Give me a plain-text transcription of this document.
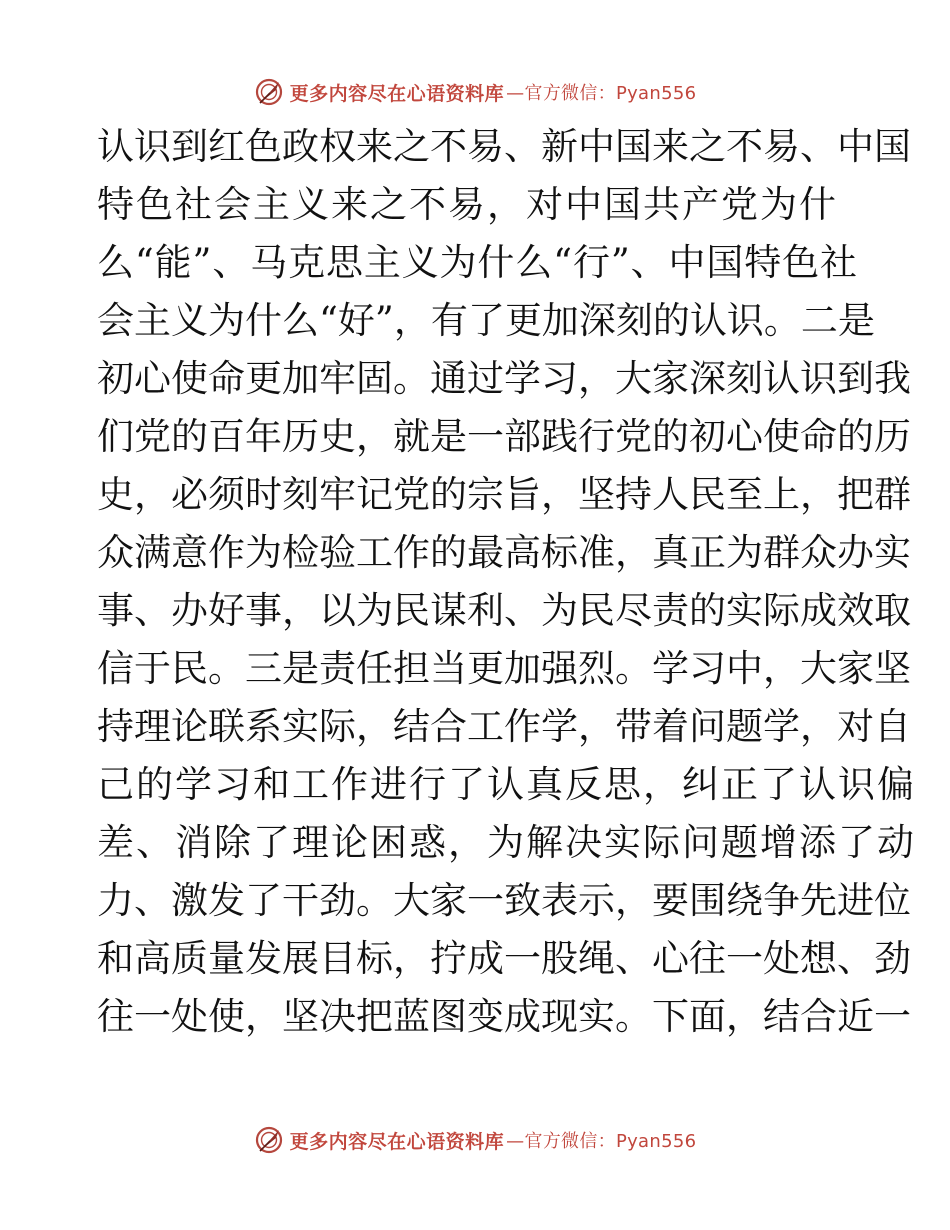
更多内容尽在心语资料库 —官方微信：Pyan556
认识到红色政权来之不易、新中国来之不易、中国
特色社会主义来之不易，对中国共产党为什
么“能”、马克思主义为什么“行”、中国特色社
会主义为什么“好”，有了更加深刻的认识。二是
初心使命更加牢固。通过学习，大家深刻认识到我
们党的百年历史，就是一部践行党的初心使命的历
史，必须时刻牢记党的宗旨，坚持人民至上，把群
众满意作为检验工作的最高标准，真正为群众办实
事、办好事，以为民谋利、为民尽责的实际成效取
信于民。三是责任担当更加强烈。学习中，大家坚
持理论联系实际，结合工作学，带着问题学，对自
己的学习和工作进行了认真反思，纠正了认识偏
差、消除了理论困惑，为解决实际问题增添了动
力、激发了干劲。大家一致表示，要围绕争先进位
和高质量发展目标，拧成一股绳、心往一处想、劲
往一处使，坚决把蓝图变成现实。下面，结合近一
更多内容尽在心语资料库 —官方微信：Pyan556
